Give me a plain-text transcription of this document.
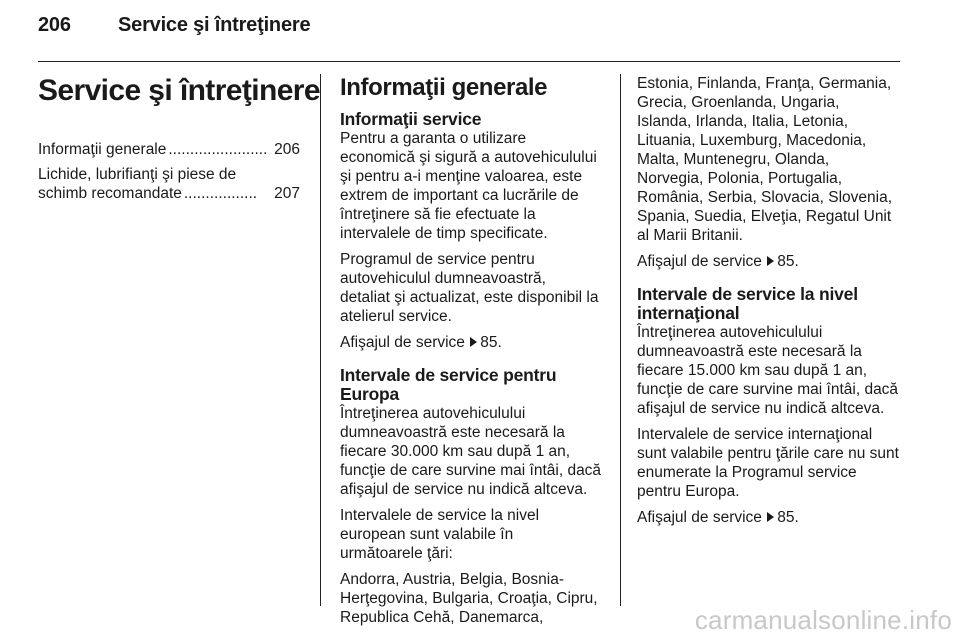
206 Service şi întreţinere
Service şi întreţinere
Informaţii generale ....................... 206
Lichide, lubrifianţi şi piese de
schimb recomandate .................	207
Informaţii generale
Informaţii service

Pentru a garanta o utilizare
economică şi sigură a autovehiculului
şi pentru a-i menţine valoarea, este
extrem de important ca lucrările de
întreţinere să fie efectuate la
intervalele de timp specificate.

Programul de service pentru
autovehiculul dumneavoastră,
detaliat şi actualizat, este disponibil la
atelierul service.

Afişajul de service 85.

Intervale de service pentru
Europa

Întreţinerea autovehiculului
dumneavoastră este necesară la
fiecare 30.000 km sau după 1 an,
funcţie de care survine mai întâi, dacă
afişajul de service nu indică altceva.

Intervalele de service la nivel
european sunt valabile în
următoarele ţări:

Andorra, Austria, Belgia, Bosnia-
Herţegovina, Bulgaria, Croaţia, Cipru,
Republica Cehă, Danemarca,

Estonia, Finlanda, Franţa, Germania,
Grecia, Groenlanda, Ungaria,
Islanda, Irlanda, Italia, Letonia,
Lituania, Luxemburg, Macedonia,
Malta, Muntenegru, Olanda,
Norvegia, Polonia, Portugalia,
România, Serbia, Slovacia, Slovenia,
Spania, Suedia, Elveţia, Regatul Unit
al Marii Britanii.

Afişajul de service 85.

Intervale de service la nivel
internaţional

Întreţinerea autovehiculului
dumneavoastră este necesară la
fiecare 15.000 km sau după 1 an,
funcţie de care survine mai întâi, dacă
afişajul de service nu indică altceva.

Intervalele de service internaţional
sunt valabile pentru ţările care nu sunt
enumerate la Programul service
pentru Europa.

Afişajul de service 85.

carmanualsonline.info
